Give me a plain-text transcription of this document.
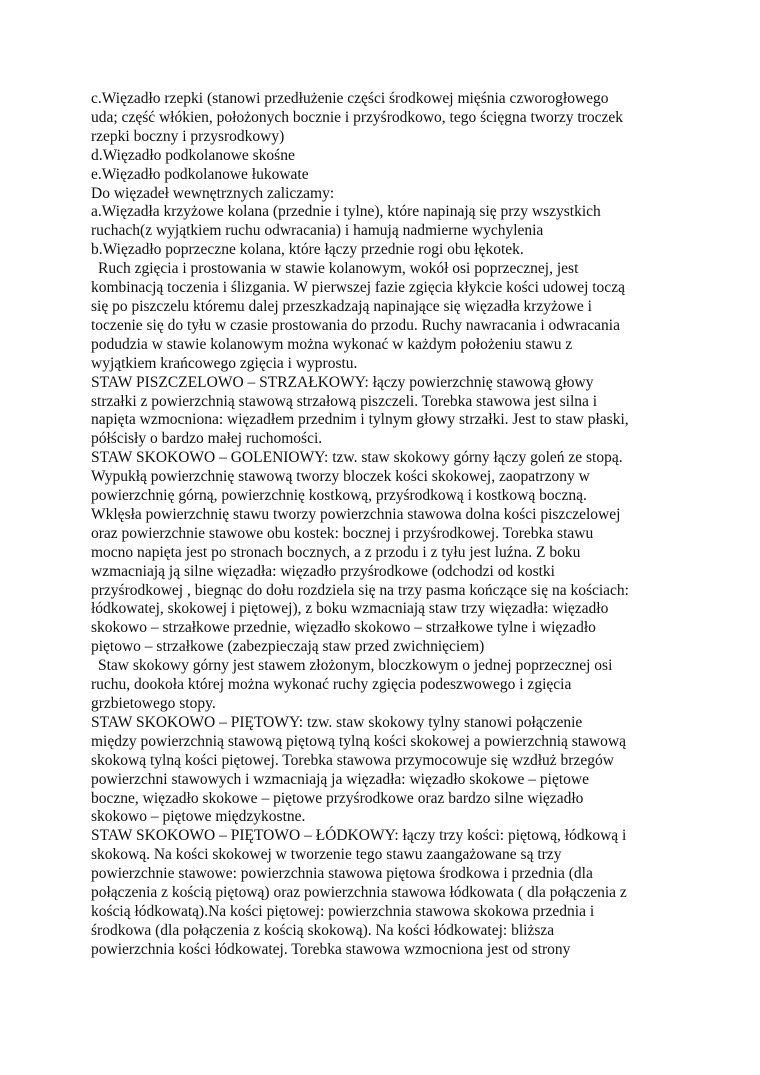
c.Więzadło rzepki (stanowi przedłużenie części środkowej mięśnia czworogłowego

uda; część włókien, położonych bocznie i przyśrodkowo, tego ścięgna tworzy troczek

rzepki boczny i przysrodkowy)

d.Więzadło podkolanowe skośne

e.Więzadło podkolanowe łukowate

Do więzadeł wewnętrznych zaliczamy:

a.Więzadła krzyżowe kolana (przednie i tylne), które napinają się przy wszystkich

ruchach(z wyjątkiem ruchu odwracania) i hamują nadmierne wychylenia

b.Więzadło poprzeczne kolana, które łączy przednie rogi obu łękotek.

Ruch zgięcia i prostowania w stawie kolanowym, wokół osi poprzecznej, jest

kombinacją toczenia i ślizgania. W pierwszej fazie zgięcia kłykcie kości udowej toczą

się po piszczelu któremu dalej przeszkadzają napinające się więzadła krzyżowe i

toczenie się do tyłu w czasie prostowania do przodu. Ruchy nawracania i odwracania

podudzia w stawie kolanowym można wykonać w każdym położeniu stawu z

wyjątkiem krańcowego zgięcia i wyprostu.

STAW PISZCZELOWO – STRZAŁKOWY: łączy powierzchnię stawową głowy

strzałki z powierzchnią stawową strzałową piszczeli. Torebka stawowa jest silna i

napięta wzmocniona: więzadłem przednim i tylnym głowy strzałki. Jest to staw płaski,

półścisły o bardzo małej ruchomości.

STAW SKOKOWO – GOLENIOWY: tzw. staw skokowy górny łączy goleń ze stopą.

Wypukłą powierzchnię stawową tworzy bloczek kości skokowej, zaopatrzony w

powierzchnię górną, powierzchnię kostkową, przyśrodkową i kostkową boczną.

Wklęsła powierzchnię stawu tworzy powierzchnia stawowa dolna kości piszczelowej

oraz powierzchnie stawowe obu kostek: bocznej i przyśrodkowej. Torebka stawu

mocno napięta jest po stronach bocznych, a z przodu i z tyłu jest luźna. Z boku

wzmacniają ją silne więzadła: więzadło przyśrodkowe (odchodzi od kostki

przyśrodkowej , biegnąc do dołu rozdziela się na trzy pasma kończące się na kościach:

łódkowatej, skokowej i piętowej), z boku wzmacniają staw trzy więzadła: więzadło

skokowo – strzałkowe przednie, więzadło skokowo – strzałkowe tylne i więzadło

piętowo – strzałkowe (zabezpieczają staw przed zwichnięciem)

Staw skokowy górny jest stawem złożonym, bloczkowym o jednej poprzecznej osi

ruchu, dookoła której można wykonać ruchy zgięcia podeszwowego i zgięcia

grzbietowego stopy.

STAW SKOKOWO – PIĘTOWY: tzw. staw skokowy tylny stanowi połączenie

między powierzchnią stawową piętową tylną kości skokowej a powierzchnią stawową

skokową tylną kości piętowej. Torebka stawowa przymocowuje się wzdłuż brzegów

powierzchni stawowych i wzmacniają ja więzadła: więzadło skokowe – piętowe

boczne, więzadło skokowe – piętowe przyśrodkowe oraz bardzo silne więzadło

skokowo – piętowe międzykostne.

STAW SKOKOWO – PIĘTOWO – ŁÓDKOWY: łączy trzy kości: piętową, łódkową i

skokową. Na kości skokowej w tworzenie tego stawu zaangażowane są trzy

powierzchnie stawowe: powierzchnia stawowa piętowa środkowa i przednia (dla

połączenia z kością piętową) oraz powierzchnia stawowa łódkowata ( dla połączenia z

kością łódkowatą).Na kości piętowej: powierzchnia stawowa skokowa przednia i

środkowa (dla połączenia z kością skokową). Na kości łódkowatej: bliższa

powierzchnia kości łódkowatej. Torebka stawowa wzmocniona jest od strony
